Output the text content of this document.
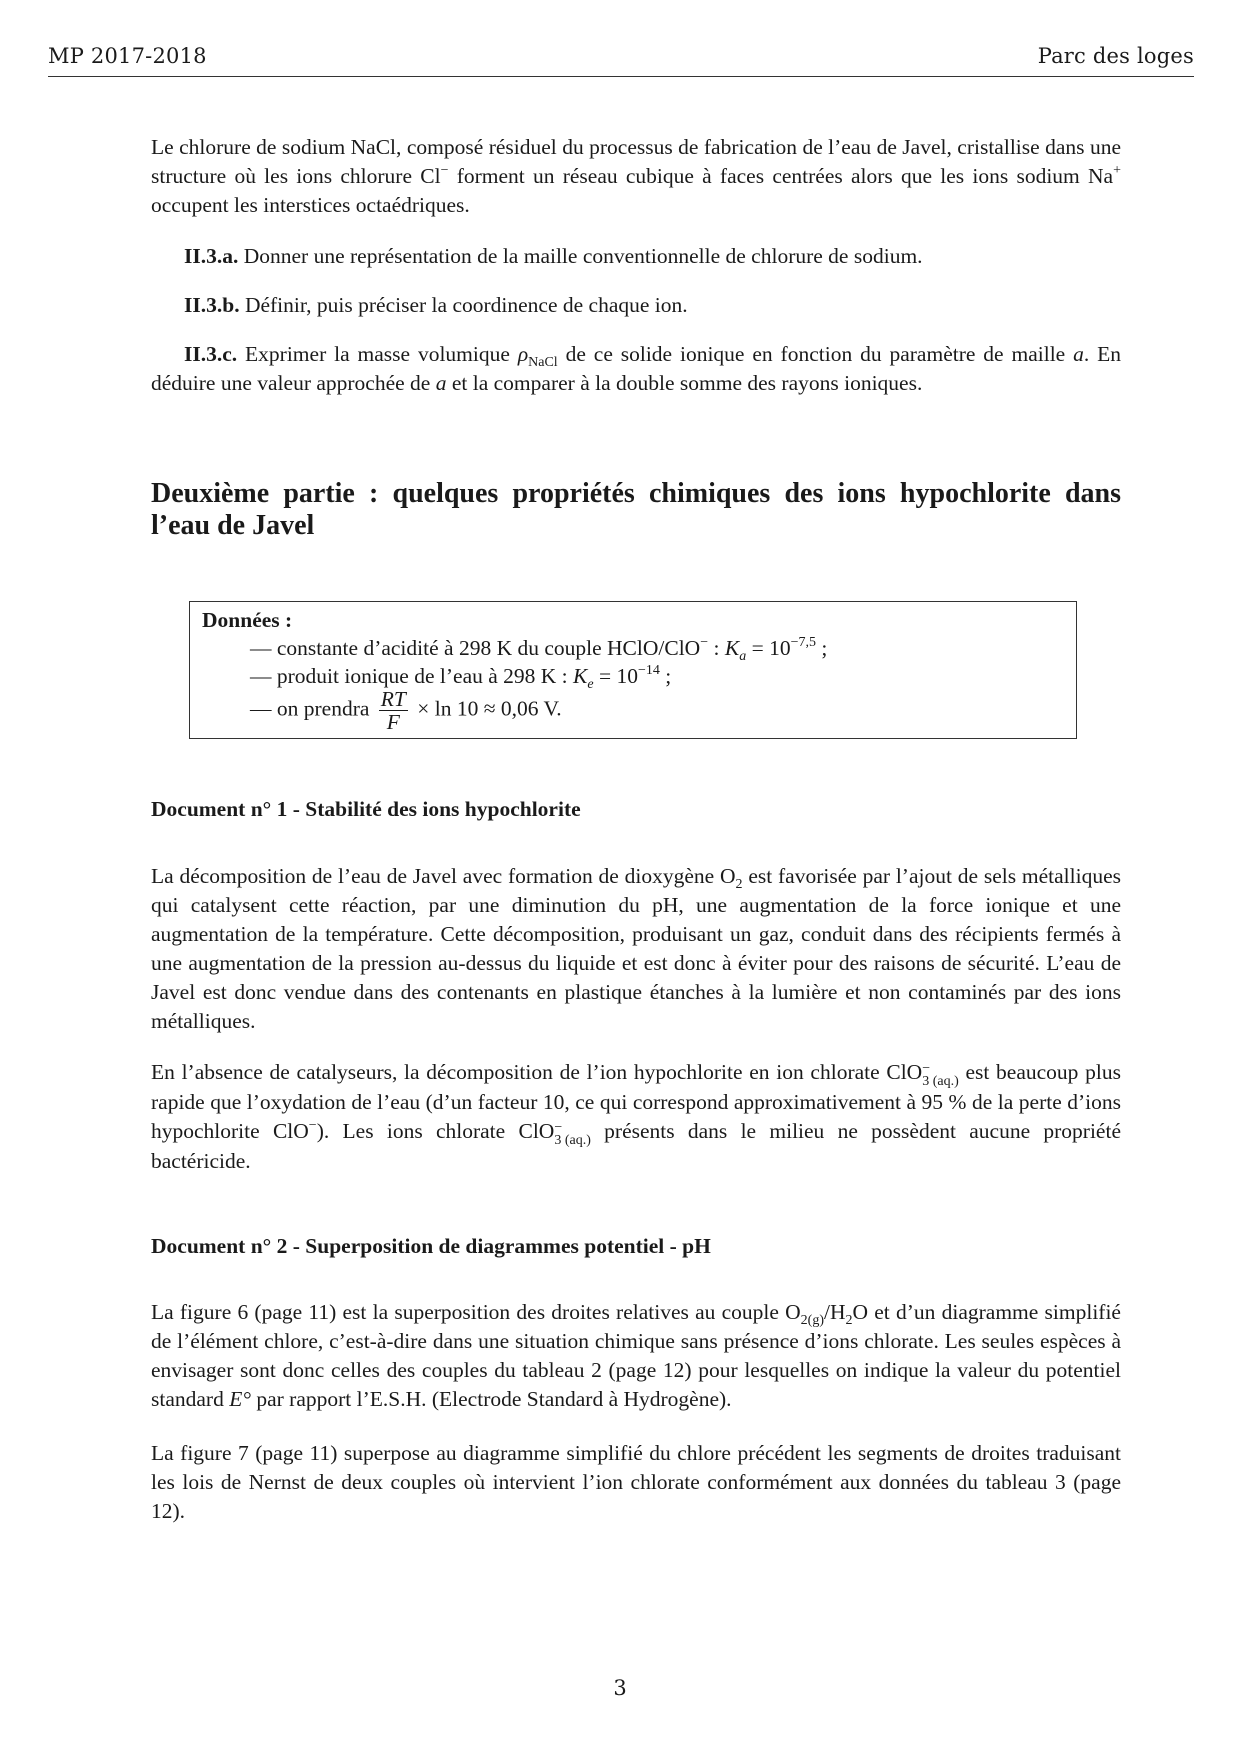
MP 2017-2018	Parc des loges

Le chlorure de sodium NaCl, composé résiduel du processus de fabrication de l’eau de Javel, cristallise dans une structure où les ions chlorure Cl− forment un réseau cubique à faces centrées alors que les ions sodium Na+ occupent les interstices octaédriques.

II.3.a. Donner une représentation de la maille conventionnelle de chlorure de sodium.

II.3.b. Définir, puis préciser la coordinence de chaque ion.

II.3.c. Exprimer la masse volumique $\rho_{NaCl}$ de ce solide ionique en fonction du paramètre de maille a. En déduire une valeur approchée de a et la comparer à la double somme des rayons ioniques.

Deuxième partie : quelques propriétés chimiques des ions hypochlorite dans l’eau de Javel
Données :
— constante d’acidité à 298 K du couple HClO/ClO− : $K_a = 10^{-7,5}$ ;
— produit ionique de l’eau à 298 K : $K_e = 10^{-14}$ ;
— on prendra $\frac{RT}{F} \times \ln 10 \approx 0,06$ V.
Document n° 1 - Stabilité des ions hypochlorite

La décomposition de l’eau de Javel avec formation de dioxygène $O_2$ est favorisée par l’ajout de sels métalliques qui catalysent cette réaction, par une diminution du pH, une augmentation de la force ionique et une augmentation de la température. Cette décomposition, produisant un gaz, conduit dans des récipients fermés à une augmentation de la pression au-dessus du liquide et est donc à éviter pour des raisons de sécurité. L’eau de Javel est donc vendue dans des contenants en plastique étanches à la lumière et non contaminés par des ions métalliques.

En l’absence de catalyseurs, la décomposition de l’ion hypochlorite en ion chlorate ClO −
3 (aq.) est beaucoup plus rapide que l’oxydation de l’eau (d’un facteur 10, ce qui correspond approximativement à 95 % de la perte d’ions hypochlorite ClO−). Les ions chlorate ClO −
3 (aq.) présents dans le milieu ne possèdent aucune propriété bactéricide.

Document n° 2 - Superposition de diagrammes potentiel - pH

La figure 6 (page 11) est la superposition des droites relatives au couple $O_{2(g)}/H_2O$ et d’un diagramme simplifié de l’élément chlore, c’est-à-dire dans une situation chimique sans présence d’ions chlorate. Les seules espèces à envisager sont donc celles des couples du tableau 2 (page 12) pour lesquelles on indique la valeur du potentiel standard E° par rapport l’E.S.H. (Electrode Standard à Hydrogène).

La figure 7 (page 11) superpose au diagramme simplifié du chlore précédent les segments de droites traduisant les lois de Nernst de deux couples où intervient l’ion chlorate conformément aux données du tableau 3 (page 12).

3
